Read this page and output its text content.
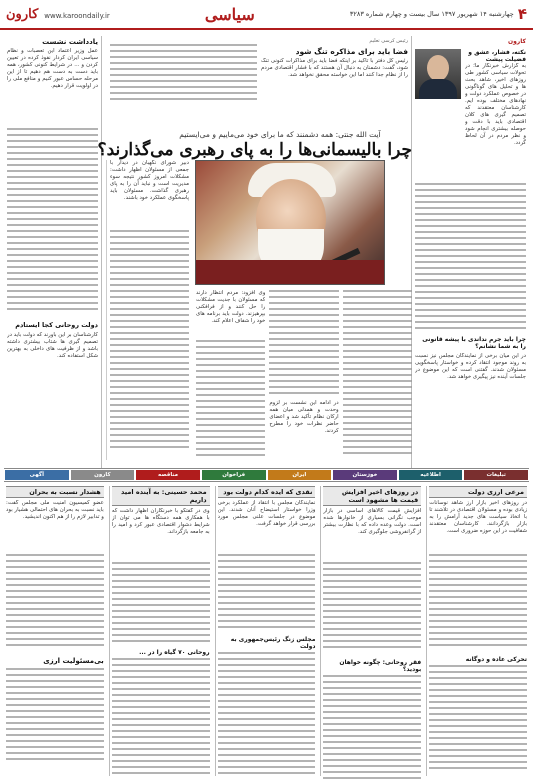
کارون www.karoondaily.ir	سیاسی	چهارشنبه ۱۴ شهریور ۱۳۹۷ سال بیست و چهارم شماره ۳۲۸۳ ۴
کارون
نکته، فشار، عشق و فضیلت پیشت
به گزارش خبرنگار ما؛ در تحولات سیاسی کشور طی روزهای اخیر، شاهد بحث ها و تحلیل های گوناگونی در خصوص عملکرد دولت و نهادهای مختلف بوده ایم. کارشناسان معتقدند که تصمیم گیری های کلان اقتصادی باید با دقت و حوصله بیشتری انجام شود و نظر مردم در آن لحاظ گردد.
چرا باید جرم نداندی با پیشه قانونی را به شما نشانم؟
در این میان برخی از نمایندگان مجلس نیز نسبت به روند موجود انتقاد کرده و خواستار پاسخگویی مسئولان شدند. گفتنی است که این موضوع در جلسات آینده نیز پیگیری خواهد شد.
یادداشت نشست
عمل وزیر اعتماد این تعصبات و نظام سیاسی ایران کردار نفوذ کرده در تعیین کردن و ... در شرایط کنونی کشور، همه باید دست به دست هم دهیم تا از این مرحله حساس عبور کنیم و منافع ملی را در اولویت قرار دهیم.
دولت روحانی کجا ایستادم
کارشناسان بر این باورند که دولت باید در تصمیم گیری ها شتاب بیشتری داشته باشد و از ظرفیت های داخلی به بهترین شکل استفاده کند.
رئیس کرسی تعلیم
فضا باید برای مذاکره تنگ شود
رئیس کل دفتر با تأکید بر اینکه فضا باید برای مذاکرات کنونی تنگ شود، گفت: دشمنان به دنبال آن هستند که با فشار اقتصادی مردم را از نظام جدا کنند اما این خواسته محقق نخواهد شد.
آیت الله جنتی: همه دشمنند که ما برای خود می‌ماییم و می‌ایستیم
چرا بالیسمانی‌ها را به پای رهبری می‌گذارند؟
دبیر شورای نگهبان در دیدار با جمعی از مسئولان اظهار داشت: مشکلات امروز کشور نتیجه سوء مدیریت است و نباید آن را به پای رهبری گذاشت. مسئولان باید پاسخگوی عملکرد خود باشند.
وی افزود: مردم انتظار دارند که مسئولان با جدیت مشکلات را حل کنند و از فرافکنی بپرهیزند. دولت باید برنامه های خود را شفاف اعلام کند.
در ادامه این نشست بر لزوم وحدت و همدلی میان همه ارکان نظام تأکید شد و اعضای حاضر نظرات خود را مطرح کردند.
آگهی	کارون	مناقصه	فراخوان	ایران	خوزستان	اطلاعیه	تبلیغات
مرعی ارزی دولت
در روزهای اخیر بازار ارز شاهد نوسانات زیادی بوده و مسئولان اقتصادی در تلاشند تا با اتخاذ سیاست های جدید آرامش را به بازار بازگردانند. کارشناسان معتقدند شفافیت در این حوزه ضروری است.
تحرکی عاده و دوگانه
در روزهای اخیر افزایش قیمت ها مشهود است
افزایش قیمت کالاهای اساسی در بازار موجب نگرانی بسیاری از خانوارها شده است. دولت وعده داده که با نظارت بیشتر از گرانفروشی جلوگیری کند.
فقر روحانی: چگونه خواهان بودید؟
نقدی که ایده کدام دولت بود
نمایندگان مجلس با انتقاد از عملکرد برخی وزرا خواستار استیضاح آنان شدند. این موضوع در جلسات علنی مجلس مورد بررسی قرار خواهد گرفت.
مجلس زنگ رئیس‌جمهوری به دولت
محمد حسینی: به آینده امید داریم
وی در گفتگو با خبرنگاران اظهار داشت که با همکاری همه دستگاه ها می توان از شرایط دشوار اقتصادی عبور کرد و امید را به جامعه بازگرداند.
روحانی ۷۰ گیاه را در ...
هشدار نسبت به بحران
عضو کمیسیون امنیت ملی مجلس گفت: باید نسبت به بحران های احتمالی هشیار بود و تدابیر لازم را از هم اکنون اندیشید.
بی‌مسئولیت ارزی
